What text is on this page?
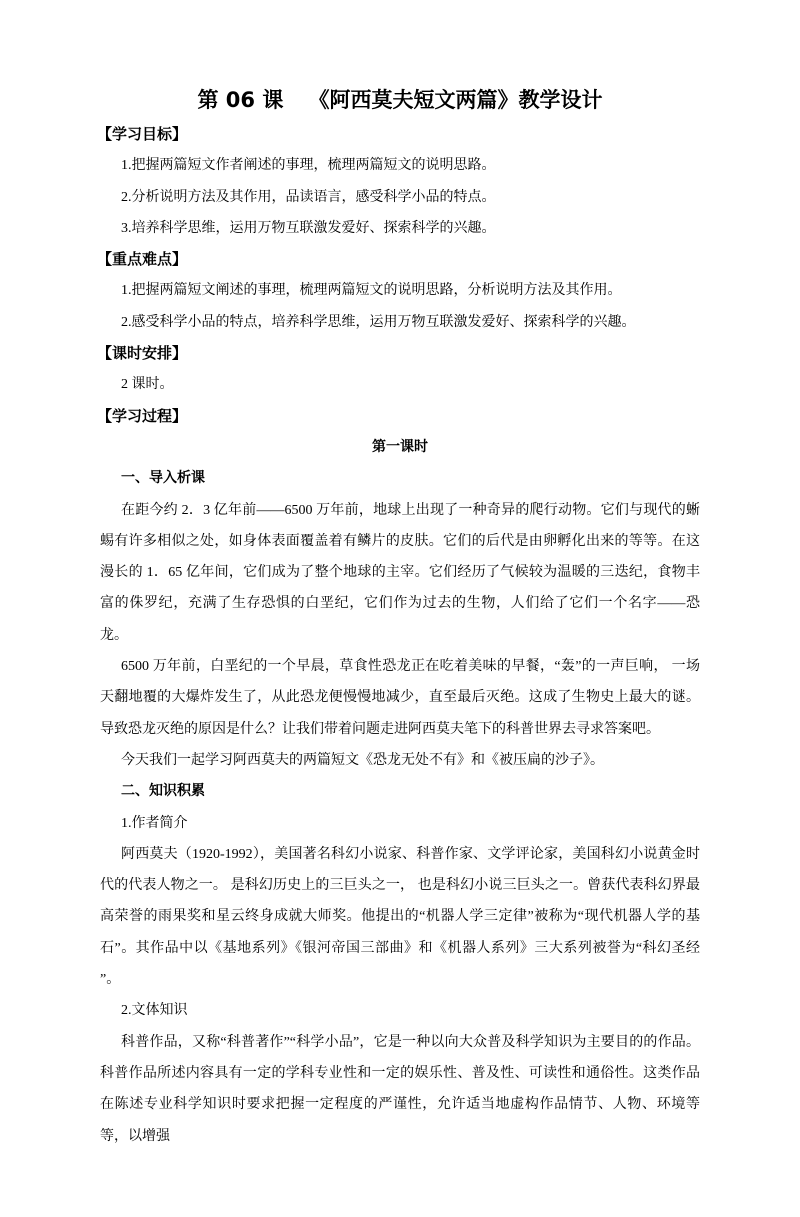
第 06 课 《阿西莫夫短文两篇》教学设计
【学习目标】
1.把握两篇短文作者阐述的事理，梳理两篇短文的说明思路。
2.分析说明方法及其作用，品读语言，感受科学小品的特点。
3.培养科学思维，运用万物互联激发爱好、探索科学的兴趣。
【重点难点】
1.把握两篇短文阐述的事理，梳理两篇短文的说明思路，分析说明方法及其作用。
2.感受科学小品的特点，培养科学思维，运用万物互联激发爱好、探索科学的兴趣。
【课时安排】
2 课时。
【学习过程】
第一课时
一、导入析课

在距今约 2．3 亿年前——6500 万年前，地球上出现了一种奇异的爬行动物。它们与现代的蜥蜴有许多相似之处，如身体表面覆盖着有鳞片的皮肤。它们的后代是由卵孵化出来的等等。在这漫长的 1．65 亿年间，它们成为了整个地球的主宰。它们经历了气候较为温暖的三迭纪，食物丰富的侏罗纪，充满了生存恐惧的白垩纪，它们作为过去的生物，人们给了它们一个名字——恐龙。

6500 万年前，白垩纪的一个早晨，草食性恐龙正在吃着美味的早餐，“轰”的一声巨响， 一场天翻地覆的大爆炸发生了，从此恐龙便慢慢地减少，直至最后灭绝。这成了生物史上最大的谜。导致恐龙灭绝的原因是什么？让我们带着问题走进阿西莫夫笔下的科普世界去寻求答案吧。

今天我们一起学习阿西莫夫的两篇短文《恐龙无处不有》和《被压扁的沙子》。

二、知识积累
1.作者简介

阿西莫夫（1920-1992），美国著名科幻小说家、科普作家、文学评论家，美国科幻小说黄金时代的代表人物之一。 是科幻历史上的三巨头之一， 也是科幻小说三巨头之一。曾获代表科幻界最高荣誉的雨果奖和星云终身成就大师奖。他提出的“机器人学三定律”被称为“现代机器人学的基石”。其作品中以《基地系列》《银河帝国三部曲》和《机器人系列》三大系列被誉为“科幻圣经 ”。

2.文体知识

科普作品，又称“科普著作”“科学小品”，它是一种以向大众普及科学知识为主要目的的作品。科普作品所述内容具有一定的学科专业性和一定的娱乐性、普及性、可读性和通俗性。这类作品在陈述专业科学知识时要求把握一定程度的严谨性，允许适当地虚构作品情节、人物、环境等等，以增强
